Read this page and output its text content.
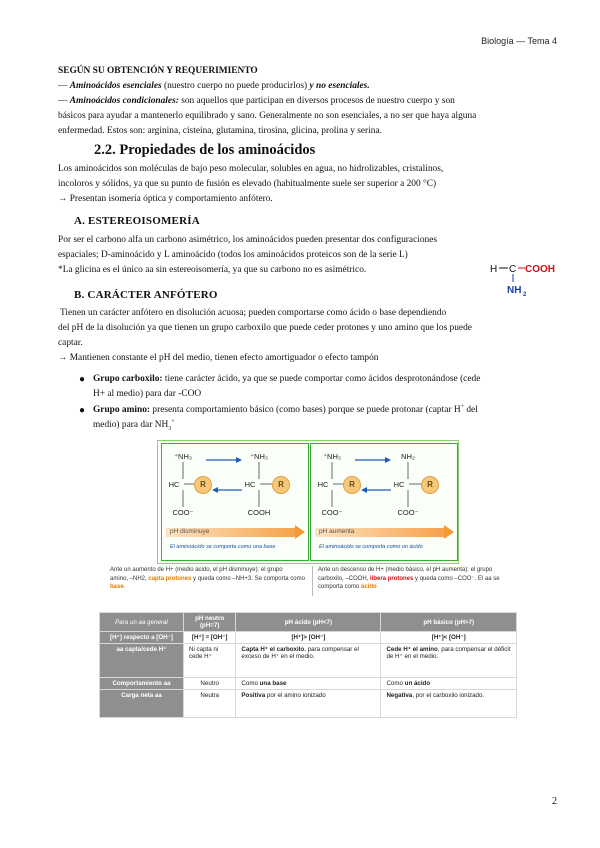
Biología — Tema 4
SEGÚN SU OBTENCIÓN Y REQUERIMIENTO
— Aminoácidos esenciales (nuestro cuerpo no puede producirlos) y no esenciales.
— Aminoácidos condicionales: son aquellos que participan en diversos procesos de nuestro cuerpo y son
básicos para ayudar a mantenerlo equilibrado y sano. Generalmente no son esenciales, a no ser que haya alguna
enfermedad. Estos son: arginina, cisteína, glutamina, tirosina, glicina, prolina y serina.
2.2. Propiedades de los aminoácidos
Los aminoácidos son moléculas de bajo peso molecular, solubles en agua, no hidrolizables, cristalinos,
incoloros y sólidos, ya que su punto de fusión es elevado (habitualmente suele ser superior a 200 °C)
→ Presentan isomería óptica y comportamiento anfótero.
A. ESTEREOISOMERÍA
Por ser el carbono alfa un carbono asimétrico, los aminoácidos pueden presentar dos configuraciones
espaciales; D-aminoácido y L aminoácido (todos los aminoácidos proteicos son de la serie L)
*La glicina es el único aa sin estereoisomería, ya que su carbono no es asimétrico.	H C COOH
NH 2
B. CARÁCTER ANFÓTERO
Tienen un carácter anfótero en disolución acuosa; pueden comportarse como ácido o base dependiendo
del pH de la disolución ya que tienen un grupo carboxilo que puede ceder protones y uno amino que los puede
captar.
→ Mantienen constante el pH del medio, tienen efecto amortiguador o efecto tampón
● Grupo carboxilo: tiene carácter ácido, ya que se puede comportar como ácidos desprotonándose (cede
H+ al medio) para dar -COO
● Grupo amino: presenta comportamiento básico (como bases) porque se puede protonar (captar H+ del
medio) para dar $NH_3^+$
⁺NH₃
HC	R
COO⁻
⁺NH₃
HC	R
COOH
pH disminuye
El aminoácido se comporta como una base
⁺NH₃
HC	R
COO⁻
NH₂
HC	R
COO⁻
pH aumenta
El aminoácido se comporta como un ácido
Ante un aumento de H+ (medio ácido, el pH disminuye): el grupo
amino, –NH2, capta protones y queda como –NH+3. Se comporta como
base.
Ante un descenso de H+ (medio básico, el pH aumenta): el grupo
carboxilo, –COOH, libera protones y queda como –COO⁻. El aa se
comporta como ácido
Para un aa general	pH neutro (pH=7)	pH ácido (pH<7)	pH básico (pH>7)
[H⁺] respecto a [OH⁻]	[H⁺] = [OH⁻]	[H⁺]> [OH⁻]	[H⁺]< [OH⁻]
aa capta/cede H⁺	Ni capta ni cede H⁺	Capta H⁺ el carboxilo, para compensar el exceso de H⁺ en el medio.	Cede H⁺ el amino, para compensar el déficit de H⁺ en el medio.
Comportamiento aa	Neutro	Como una base	Como un ácido
Carga neta aa	Neutra	Positiva por el amino ionizado	Negativa, por el carboxilo ionizado.
2
